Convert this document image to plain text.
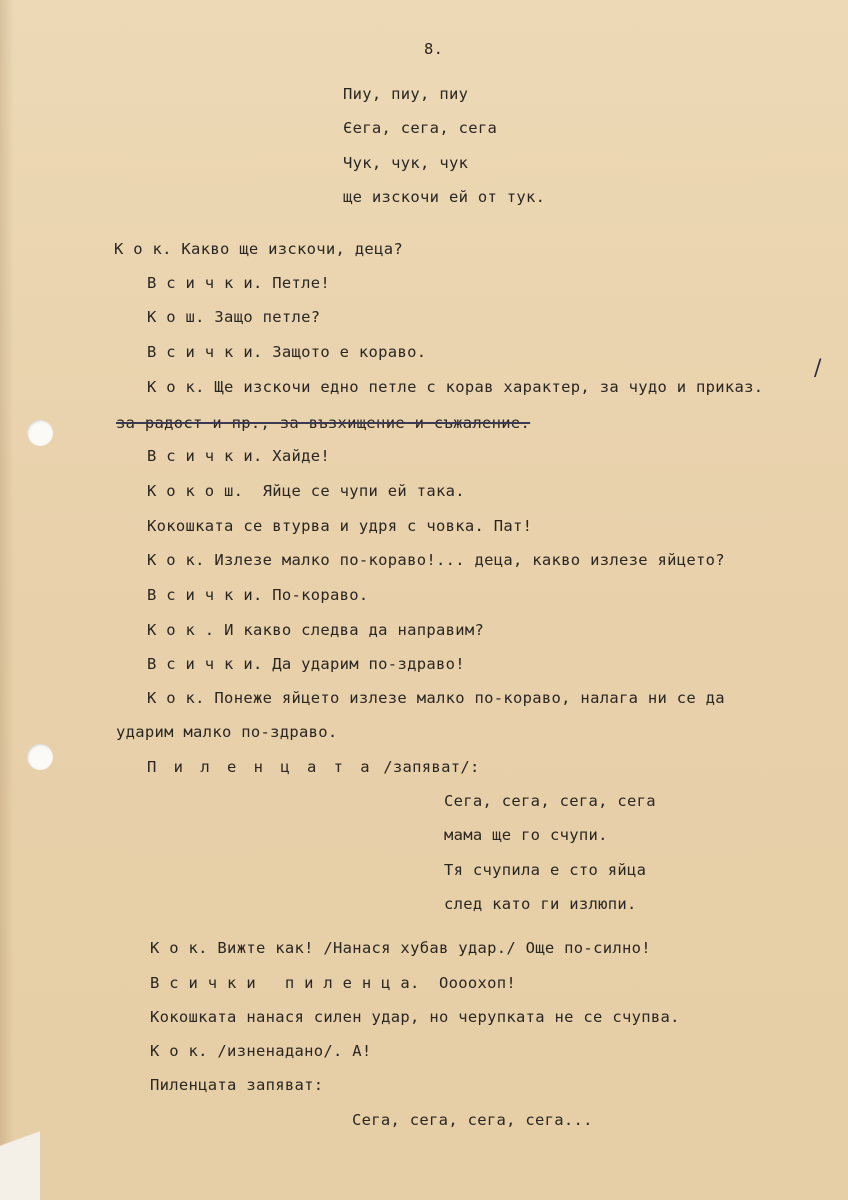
8.
Пиу, пиу, пиу
Єега, сега, сега
Чук, чук, чук
ще изскочи ей от тук.
К о к. Какво ще изскочи, деца?
В с и ч к и. Петле!
К о ш. Защо петле?
В с и ч к и. Защото е кораво.
К о к. Ще изскочи едно петле с корав характер, за чудо и приказ.
/
за радост и пр., за възхищение и съжаление.
В с и ч к и. Хайде!
К о к о ш.  Яйце се чупи ей така.
Кокошката се втурва и удря с човка. Пат!
К о к. Излезе малко по-кораво!... деца, какво излезе яйцето?
В с и ч к и. По-кораво.
К о к . И какво следва да направим?
В с и ч к и. Да ударим по-здраво!
К о к. Понеже яйцето излезе малко по-кораво, налага ни се да
ударим малко по-здраво.
П и л е н ц а т а /запяват/:
Сега, сега, сега, сега
мама ще го счупи.
Тя счупила е сто яйца
след като ги излюпи.
К о к. Вижте как! /Нанася хубав удар./ Още по-силно!
В с и ч к и   п и л е н ц а.  Оооохоп!
Кокошката нанася силен удар, но черупката не се счупва.
К о к. /изненадано/. А!
Пиленцата запяват:
Сега, сега, сега, сега...
